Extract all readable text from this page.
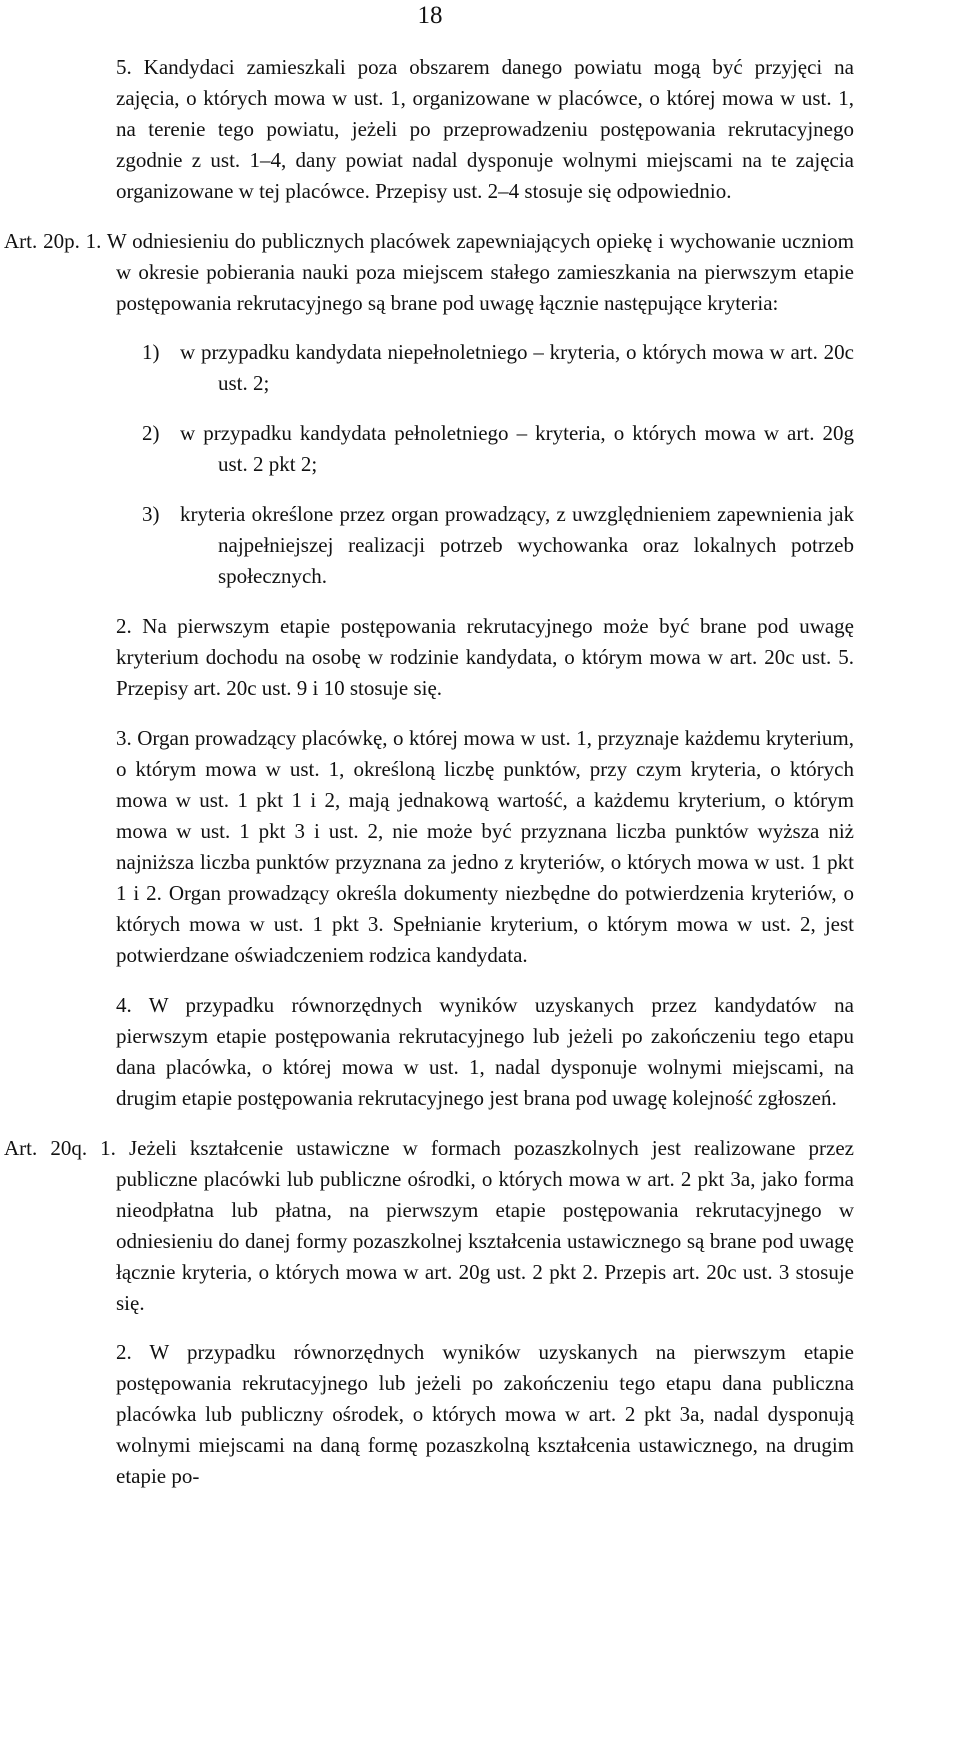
18

5. Kandydaci zamieszkali poza obszarem danego powiatu mogą być przyjęci na zajęcia, o których mowa w ust. 1, organizowane w placówce, o której mowa w ust. 1, na terenie tego powiatu, jeżeli po przeprowadzeniu postępowania rekrutacyjnego zgodnie z ust. 1–4, dany powiat nadal dysponuje wolnymi miejscami na te zajęcia organizowane w tej placówce. Przepisy ust. 2–4 stosuje się odpowiednio.

Art. 20p. 1. W odniesieniu do publicznych placówek zapewniających opiekę i wychowanie uczniom w okresie pobierania nauki poza miejscem stałego zamieszkania na pierwszym etapie postępowania rekrutacyjnego są brane pod uwagę łącznie następujące kryteria:

1) w przypadku kandydata niepełnoletniego – kryteria, o których mowa w art. 20c ust. 2;

2) w przypadku kandydata pełnoletniego – kryteria, o których mowa w art. 20g ust. 2 pkt 2;

3) kryteria określone przez organ prowadzący, z uwzględnieniem zapewnienia jak najpełniejszej realizacji potrzeb wychowanka oraz lokalnych potrzeb społecznych.

2. Na pierwszym etapie postępowania rekrutacyjnego może być brane pod uwagę kryterium dochodu na osobę w rodzinie kandydata, o którym mowa w art. 20c ust. 5. Przepisy art. 20c ust. 9 i 10 stosuje się.

3. Organ prowadzący placówkę, o której mowa w ust. 1, przyznaje każdemu kryterium, o którym mowa w ust. 1, określoną liczbę punktów, przy czym kryteria, o których mowa w ust. 1 pkt 1 i 2, mają jednakową wartość, a każdemu kryterium, o którym mowa w ust. 1 pkt 3 i ust. 2, nie może być przyznana liczba punktów wyższa niż najniższa liczba punktów przyznana za jedno z kryteriów, o których mowa w ust. 1 pkt 1 i 2. Organ prowadzący określa dokumenty niezbędne do potwierdzenia kryteriów, o których mowa w ust. 1 pkt 3. Spełnianie kryterium, o którym mowa w ust. 2, jest potwierdzane oświadczeniem rodzica kandydata.

4. W przypadku równorzędnych wyników uzyskanych przez kandydatów na pierwszym etapie postępowania rekrutacyjnego lub jeżeli po zakończeniu tego etapu dana placówka, o której mowa w ust. 1, nadal dysponuje wolnymi miejscami, na drugim etapie postępowania rekrutacyjnego jest brana pod uwagę kolejność zgłoszeń.

Art. 20q. 1. Jeżeli kształcenie ustawiczne w formach pozaszkolnych jest realizowane przez publiczne placówki lub publiczne ośrodki, o których mowa w art. 2 pkt 3a, jako forma nieodpłatna lub płatna, na pierwszym etapie postępowania rekrutacyjnego w odniesieniu do danej formy pozaszkolnej kształcenia ustawicznego są brane pod uwagę łącznie kryteria, o których mowa w art. 20g ust. 2 pkt 2. Przepis art. 20c ust. 3 stosuje się.

2. W przypadku równorzędnych wyników uzyskanych na pierwszym etapie postępowania rekrutacyjnego lub jeżeli po zakończeniu tego etapu dana publiczna placówka lub publiczny ośrodek, o których mowa w art. 2 pkt 3a, nadal dysponują wolnymi miejscami na daną formę pozaszkolną kształcenia ustawicznego, na drugim etapie po-
